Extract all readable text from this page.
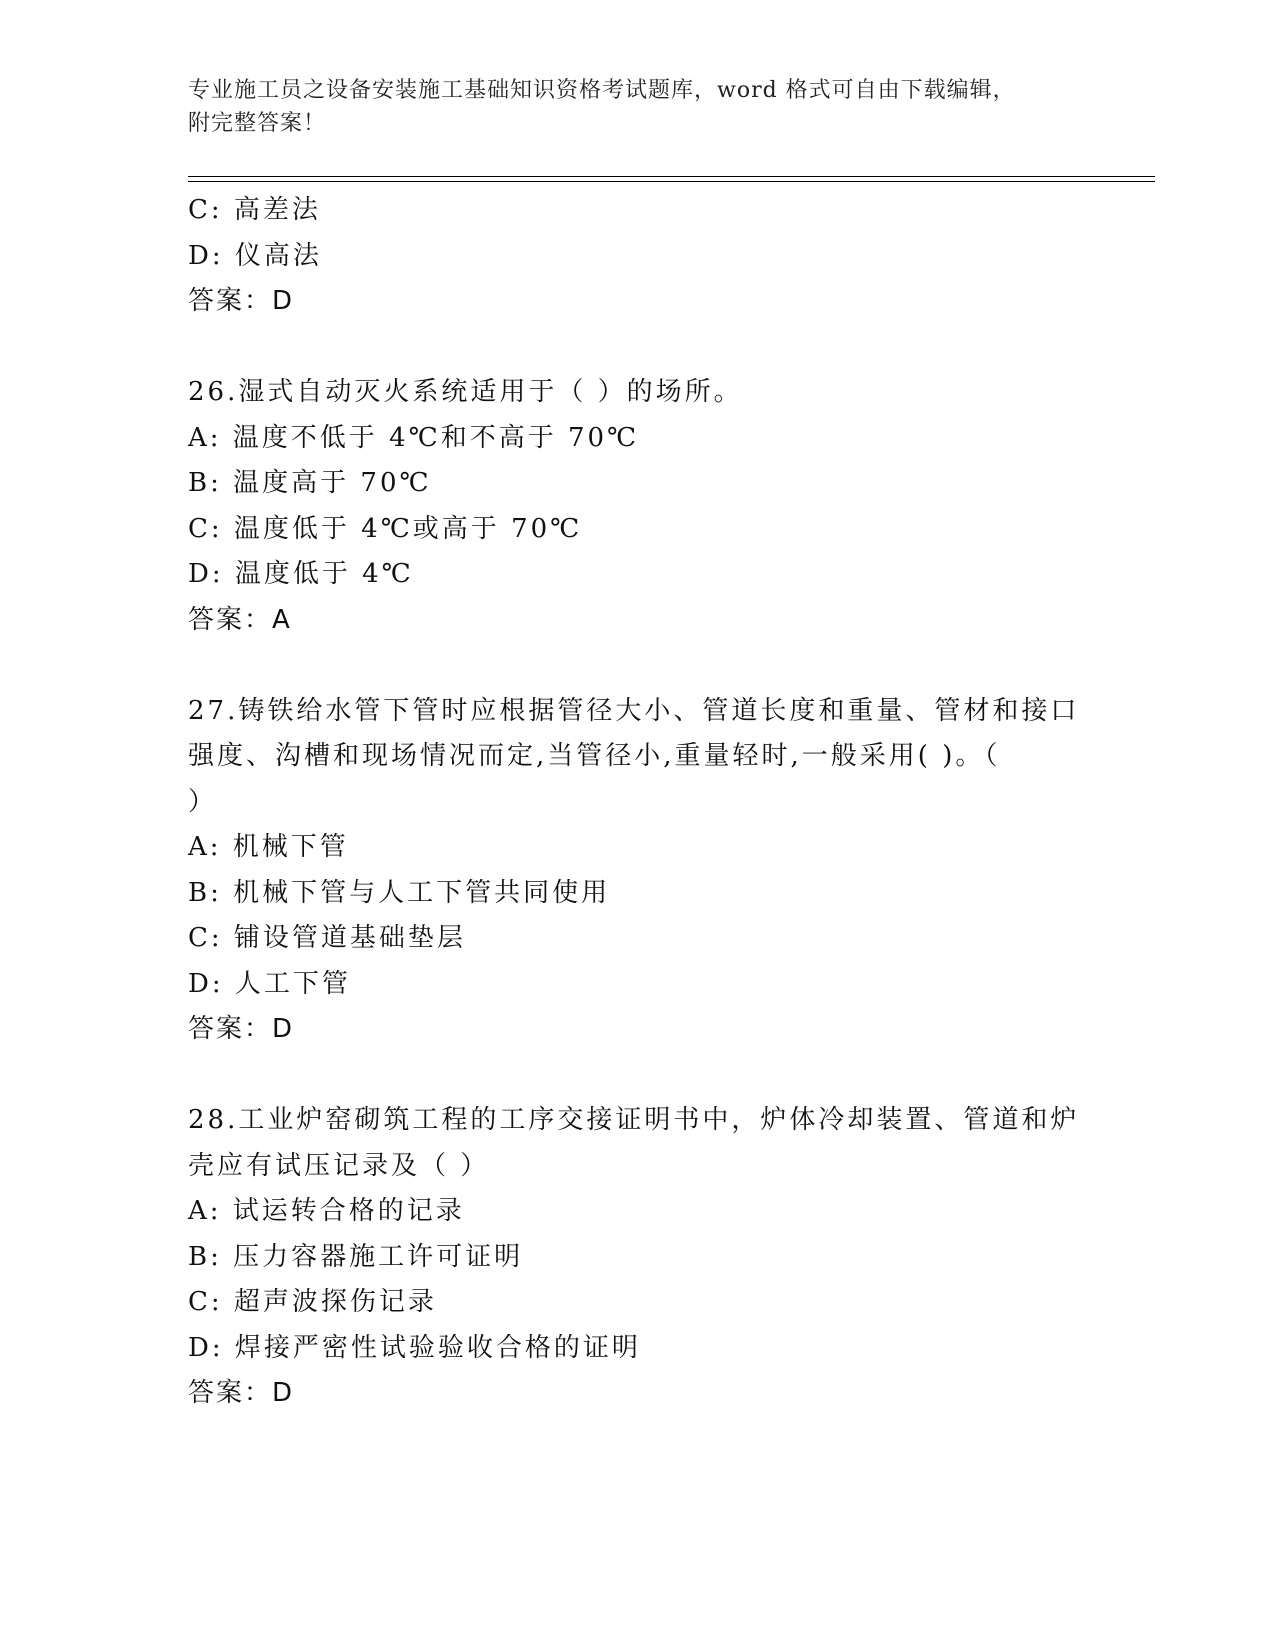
专业施工员之设备安装施工基础知识资格考试题库，word 格式可自由下载编辑，
附完整答案！
C: 高差法
D: 仪高法
答案：D
26.湿式自动灭火系统适用于（ ）的场所。
A: 温度不低于 4℃和不高于 70℃
B: 温度高于 70℃
C: 温度低于 4℃或高于 70℃
D: 温度低于 4℃
答案：A
27.铸铁给水管下管时应根据管径大小、管道长度和重量、管材和接口
强度、沟槽和现场情况而定,当管径小,重量轻时,一般采用( )。（
）
A: 机械下管
B: 机械下管与人工下管共同使用
C: 铺设管道基础垫层
D: 人工下管
答案：D
28.工业炉窑砌筑工程的工序交接证明书中，炉体冷却装置、管道和炉
壳应有试压记录及（ ）
A: 试运转合格的记录
B: 压力容器施工许可证明
C: 超声波探伤记录
D: 焊接严密性试验验收合格的证明
答案：D
